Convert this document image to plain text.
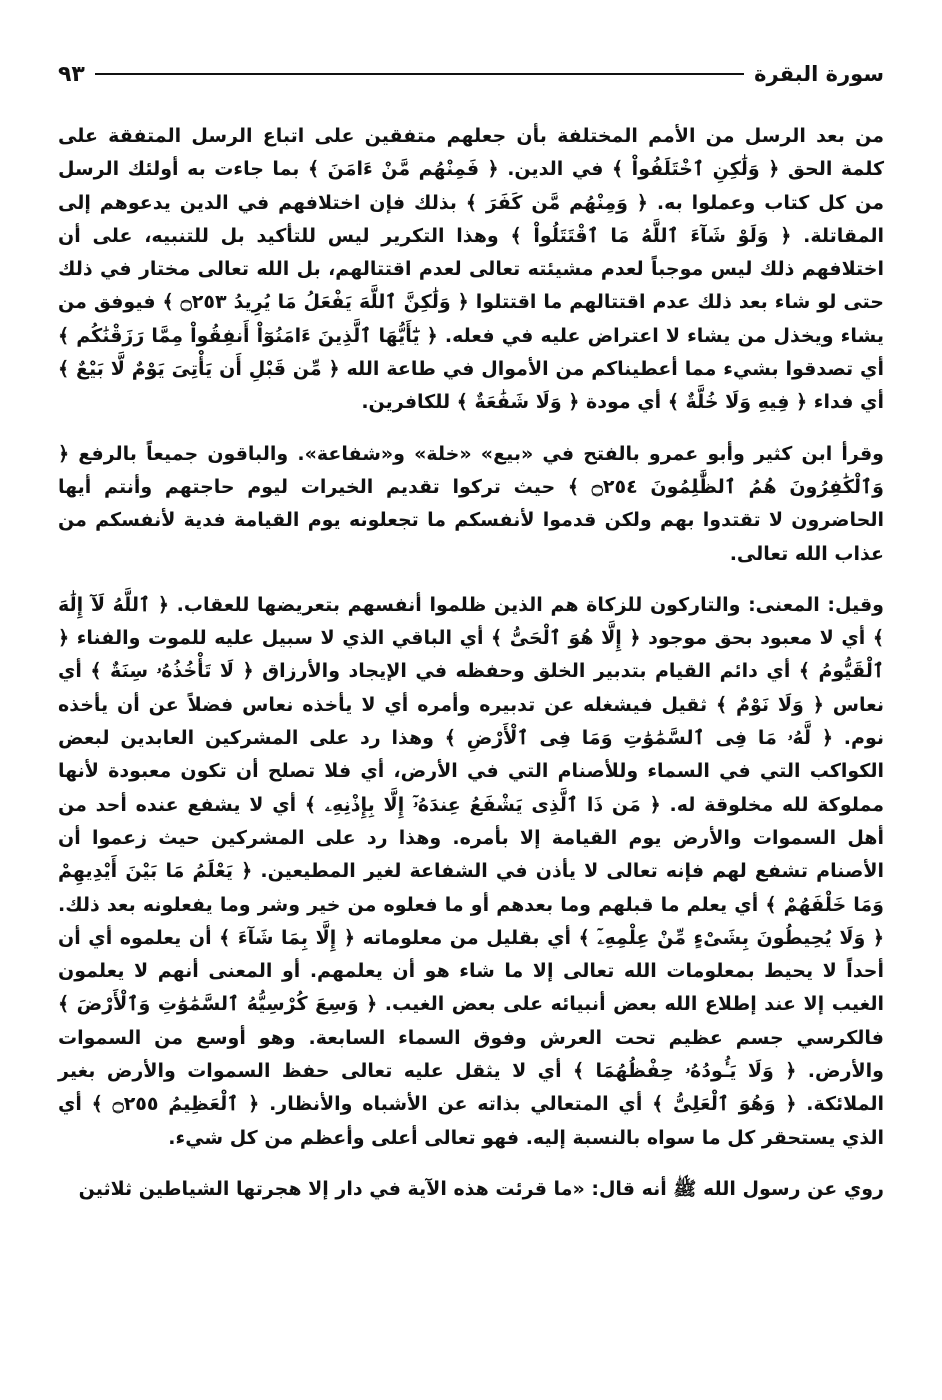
سورة البقرة
٩٣

من بعد الرسل من الأمم المختلفة بأن جعلهم متفقين على اتباع الرسل المتفقة على كلمة الحق ﴿ وَلَٰكِنِ ٱخْتَلَفُواْ ﴾ في الدين. ﴿ فَمِنْهُم مَّنْ ءَامَنَ ﴾ بما جاءت به أولئك الرسل من كل كتاب وعملوا به. ﴿ وَمِنْهُم مَّن كَفَرَ ﴾ بذلك فإن اختلافهم في الدين يدعوهم إلى المقاتلة. ﴿ وَلَوْ شَآءَ ٱللَّهُ مَا ٱقْتَتَلُواْ ﴾ وهذا التكرير ليس للتأكيد بل للتنبيه، على أن اختلافهم ذلك ليس موجباً لعدم مشيئته تعالى لعدم اقتتالهم، بل الله تعالى مختار في ذلك حتى لو شاء بعد ذلك عدم اقتتالهم ما اقتتلوا ﴿ وَلَٰكِنَّ ٱللَّهَ يَفْعَلُ مَا يُرِيدُ ۝٢٥٣ ﴾ فيوفق من يشاء ويخذل من يشاء لا اعتراض عليه في فعله. ﴿ يَٰٓأَيُّهَا ٱلَّذِينَ ءَامَنُوٓاْ أَنفِقُواْ مِمَّا رَزَقْنَٰكُم ﴾ أي تصدقوا بشيء مما أعطيناكم من الأموال في طاعة الله ﴿ مِّن قَبْلِ أَن يَأْتِىَ يَوْمٌ لَّا بَيْعٌ ﴾ أي فداء ﴿ فِيهِ وَلَا خُلَّةٌ ﴾ أي مودة ﴿ وَلَا شَفَٰعَةٌ ﴾ للكافرين.

وقرأ ابن كثير وأبو عمرو بالفتح في «بيع» «خلة» و«شفاعة». والباقون جميعاً بالرفع ﴿ وَٱلْكَٰفِرُونَ هُمُ ٱلظَّٰلِمُونَ ۝٢٥٤ ﴾ حيث تركوا تقديم الخيرات ليوم حاجتهم وأنتم أيها الحاضرون لا تقتدوا بهم ولكن قدموا لأنفسكم ما تجعلونه يوم القيامة فدية لأنفسكم من عذاب الله تعالى.

وقيل: المعنى: والتاركون للزكاة هم الذين ظلموا أنفسهم بتعريضها للعقاب. ﴿ ٱللَّهُ لَآ إِلَٰهَ ﴾ أي لا معبود بحق موجود ﴿ إِلَّا هُوَ ٱلْحَىُّ ﴾ أي الباقي الذي لا سبيل عليه للموت والفناء ﴿ ٱلْقَيُّومُ ﴾ أي دائم القيام بتدبير الخلق وحفظه في الإيجاد والأرزاق ﴿ لَا تَأْخُذُهُۥ سِنَةٌ ﴾ أي نعاس ﴿ وَلَا نَوْمٌ ﴾ ثقيل فيشغله عن تدبيره وأمره أي لا يأخذه نعاس فضلاً عن أن يأخذه نوم. ﴿ لَّهُۥ مَا فِى ٱلسَّمَٰوَٰتِ وَمَا فِى ٱلْأَرْضِ ﴾ وهذا رد على المشركين العابدين لبعض الكواكب التي في السماء وللأصنام التي في الأرض، أي فلا تصلح أن تكون معبودة لأنها مملوكة لله مخلوقة له. ﴿ مَن ذَا ٱلَّذِى يَشْفَعُ عِندَهُۥٓ إِلَّا بِإِذْنِهِۦ ﴾ أي لا يشفع عنده أحد من أهل السموات والأرض يوم القيامة إلا بأمره. وهذا رد على المشركين حيث زعموا أن الأصنام تشفع لهم فإنه تعالى لا يأذن في الشفاعة لغير المطيعين. ﴿ يَعْلَمُ مَا بَيْنَ أَيْدِيهِمْ وَمَا خَلْفَهُمْ ﴾ أي يعلم ما قبلهم وما بعدهم أو ما فعلوه من خير وشر وما يفعلونه بعد ذلك. ﴿ وَلَا يُحِيطُونَ بِشَىْءٍ مِّنْ عِلْمِهِۦٓ ﴾ أي بقليل من معلوماته ﴿ إِلَّا بِمَا شَآءَ ﴾ أن يعلموه أي أن أحداً لا يحيط بمعلومات الله تعالى إلا ما شاء هو أن يعلمهم. أو المعنى أنهم لا يعلمون الغيب إلا عند إطلاع الله بعض أنبيائه على بعض الغيب. ﴿ وَسِعَ كُرْسِيُّهُ ٱلسَّمَٰوَٰتِ وَٱلْأَرْضَ ﴾ فالكرسي جسم عظيم تحت العرش وفوق السماء السابعة. وهو أوسع من السموات والأرض. ﴿ وَلَا يَـُٔودُهُۥ حِفْظُهُمَا ﴾ أي لا يثقل عليه تعالى حفظ السموات والأرض بغير الملائكة. ﴿ وَهُوَ ٱلْعَلِىُّ ﴾ أي المتعالي بذاته عن الأشباه والأنظار. ﴿ ٱلْعَظِيمُ ۝٢٥٥ ﴾ أي الذي يستحقر كل ما سواه بالنسبة إليه. فهو تعالى أعلى وأعظم من كل شيء.

روي عن رسول الله ﷺ أنه قال: «ما قرئت هذه الآية في دار إلا هجرتها الشياطين ثلاثين
